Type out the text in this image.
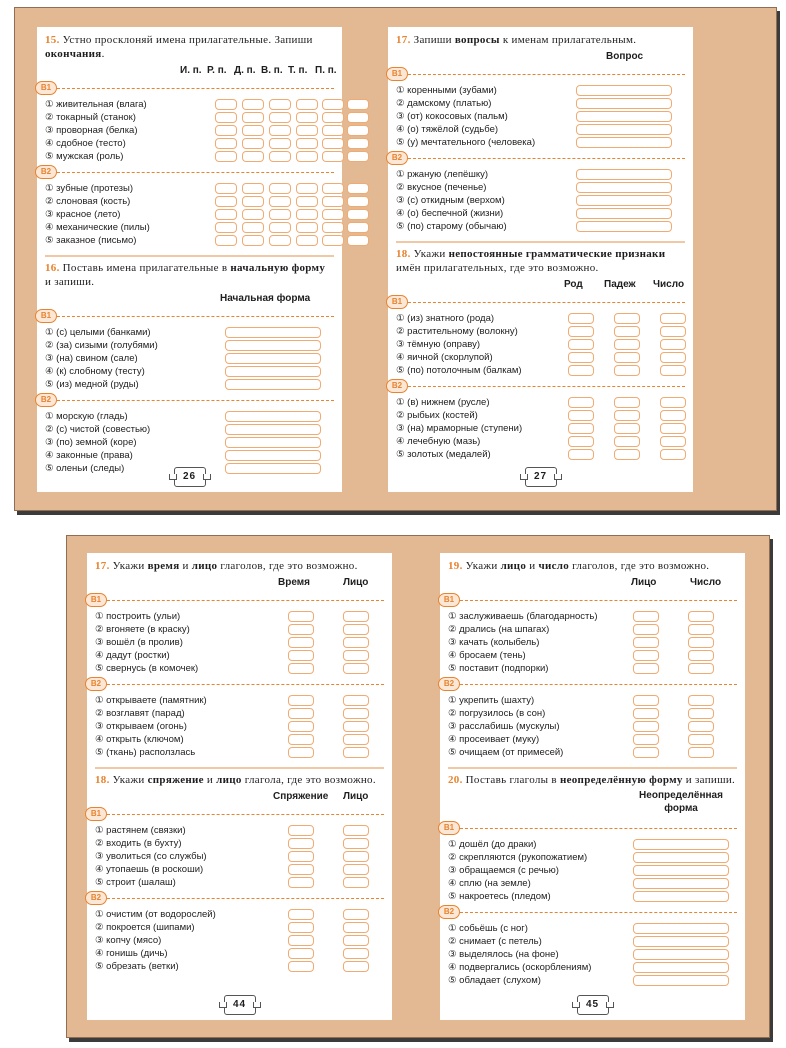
15. Устно просклоняй имена прилагательные. Запиши окончания.
И. п. Р. п. Д. п. В. п. Т. п. П. п.
В1
① живительная (влага)
② токарный (станок)
③ проворная (белка)
④ сдобное (тесто)
⑤ мужская (роль)
В2
① зубные (протезы)
② слоновая (кость)
③ красное (лето)
④ механические (пилы)
⑤ заказное (письмо)
16. Поставь имена прилагательные в начальную форму и запиши.
Начальная форма
В1
① (с) целыми (банками)
② (за) сизыми (голубями)
③ (на) свином (сале)
④ (к) слобному (тесту)
⑤ (из) медной (руды)
В2
① морскую (гладь)
② (с) чистой (совестью)
③ (по) земной (коре)
④ законные (права)
⑤ оленьи (следы)
26
17. Запиши вопросы к именам прилагательным.
Вопрос
В1
① коренными (зубами)
② дамскому (платью)
③ (от) кокосовых (пальм)
④ (о) тяжёлой (судьбе)
⑤ (у) мечтательного (человека)
В2
① ржаную (лепёшку)
② вкусное (печенье)
③ (с) откидным (верхом)
④ (о) беспечной (жизни)
⑤ (по) старому (обычаю)
18. Укажи непостоянные грамматические признаки имён прилагательных, где это возможно.
Род Падеж Число
В1
① (из) знатного (рода)
② растительному (волокну)
③ тёмную (оправу)
④ яичной (скорлупой)
⑤ (по) потолочным (балкам)
В2
① (в) нижнем (русле)
② рыбьих (костей)
③ (на) мраморные (ступени)
④ лечебную (мазь)
⑤ золотых (медалей)
27
17. Укажи время и лицо глаголов, где это возможно.
Время	Лицо
В1
① построить (ульи)
② вгоняете (в краску)
③ вошёл (в пролив)
④ дадут (ростки)
⑤ свернусь (в комочек)
В2
① открываете (памятник)
② возглавят (парад)
③ открываем (огонь)
④ открыть (ключом)
⑤ (ткань) расползлась
18. Укажи спряжение и лицо глагола, где это возможно.
Спряжение Лицо
В1
① растянем (связки)
② входить (в бухту)
③ уволиться (со службы)
④ утопаешь (в роскоши)
⑤ строит (шалаш)
В2
① очистим (от водорослей)
② покроется (шипами)
③ копчу (мясо)
④ гонишь (дичь)
⑤ обрезать (ветки)
44
19. Укажи лицо и число глаголов, где это возможно.
Лицо	Число
В1
① заслуживаешь (благодарность)
② дрались (на шпагах)
③ качать (колыбель)
④ бросаем (тень)
⑤ поставит (подпорки)
В2
① укрепить (шахту)
② погрузилось (в сон)
③ расслабишь (мускулы)
④ просеивает (муку)
⑤ очищаем (от примесей)
20. Поставь глаголы в неопределённую форму и запиши.
Неопределённая форма
В1
① дошёл (до драки)
② скрепляются (рукопожатием)
③ обращаемся (с речью)
④ сплю (на земле)
⑤ накроетесь (пледом)
В2
① собьёшь (с ног)
② снимает (с петель)
③ выделялось (на фоне)
④ подвергались (оскорблениям)
⑤ обладает (слухом)
45
